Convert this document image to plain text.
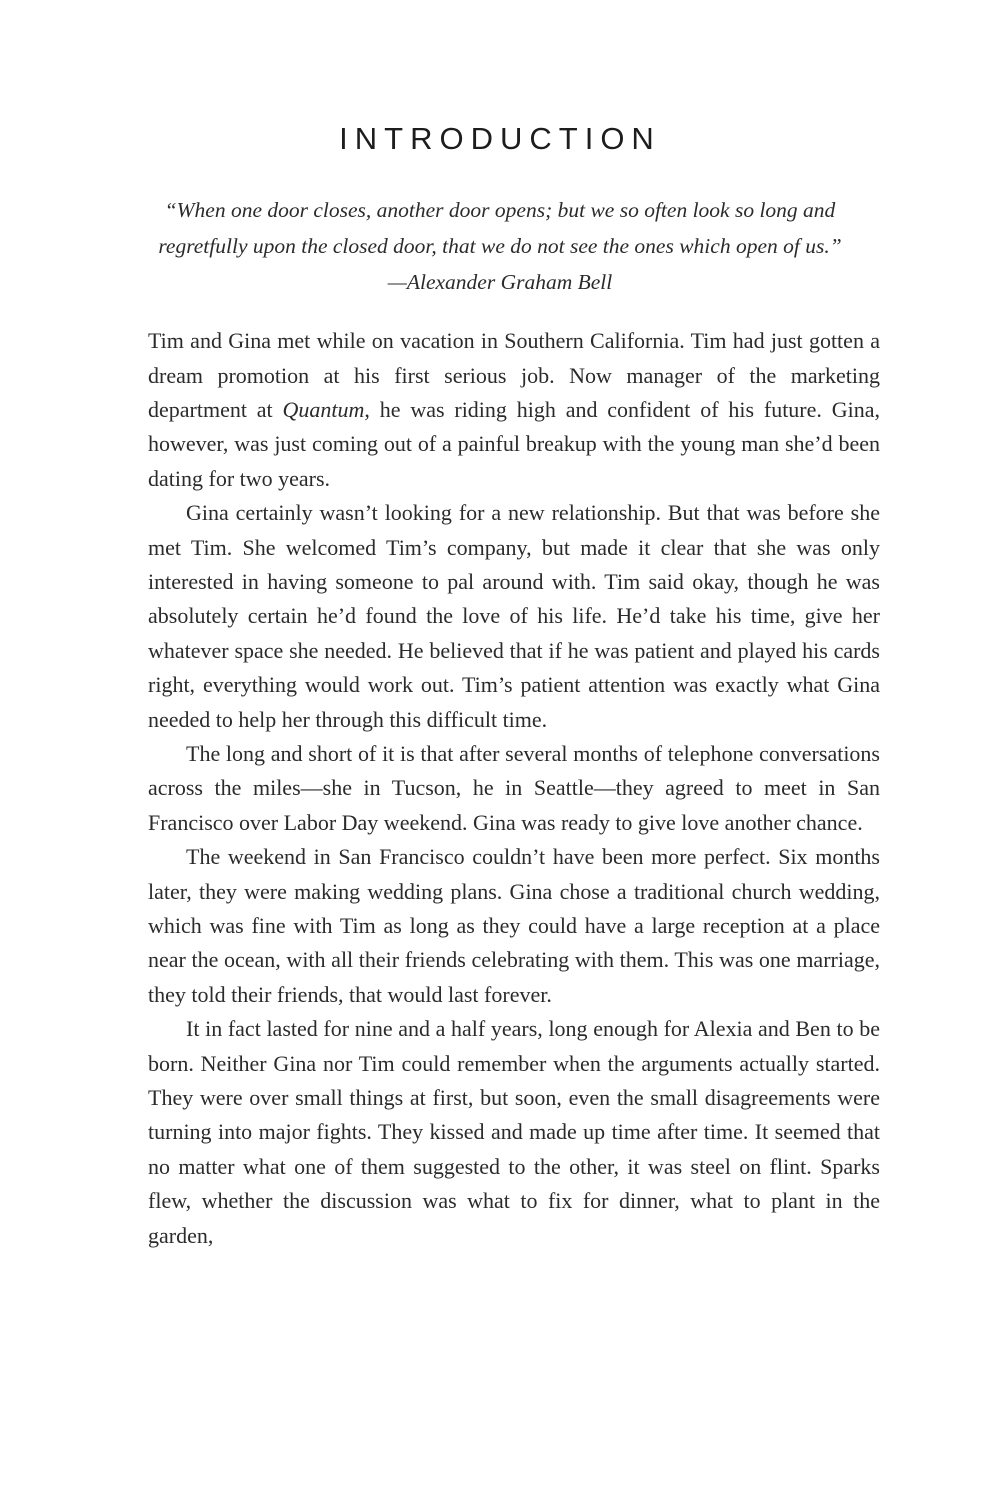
INTRODUCTION
“When one door closes, another door opens; but we so often look so long and regretfully upon the closed door, that we do not see the ones which open of us.”
—Alexander Graham Bell

Tim and Gina met while on vacation in Southern California. Tim had just gotten a dream promotion at his first serious job. Now manager of the marketing department at Quantum, he was riding high and confident of his future. Gina, however, was just coming out of a painful breakup with the young man she’d been dating for two years.

Gina certainly wasn’t looking for a new relationship. But that was before she met Tim. She welcomed Tim’s company, but made it clear that she was only interested in having someone to pal around with. Tim said okay, though he was absolutely certain he’d found the love of his life. He’d take his time, give her whatever space she needed. He believed that if he was patient and played his cards right, everything would work out. Tim’s patient attention was exactly what Gina needed to help her through this difficult time.

The long and short of it is that after several months of telephone conversations across the miles—she in Tucson, he in Seattle—they agreed to meet in San Francisco over Labor Day weekend. Gina was ready to give love another chance.

The weekend in San Francisco couldn’t have been more perfect. Six months later, they were making wedding plans. Gina chose a traditional church wedding, which was fine with Tim as long as they could have a large reception at a place near the ocean, with all their friends celebrating with them. This was one marriage, they told their friends, that would last forever.

It in fact lasted for nine and a half years, long enough for Alexia and Ben to be born. Neither Gina nor Tim could remember when the arguments actually started. They were over small things at first, but soon, even the small disagreements were turning into major fights. They kissed and made up time after time. It seemed that no matter what one of them suggested to the other, it was steel on flint. Sparks flew, whether the discussion was what to fix for dinner, what to plant in the garden,
